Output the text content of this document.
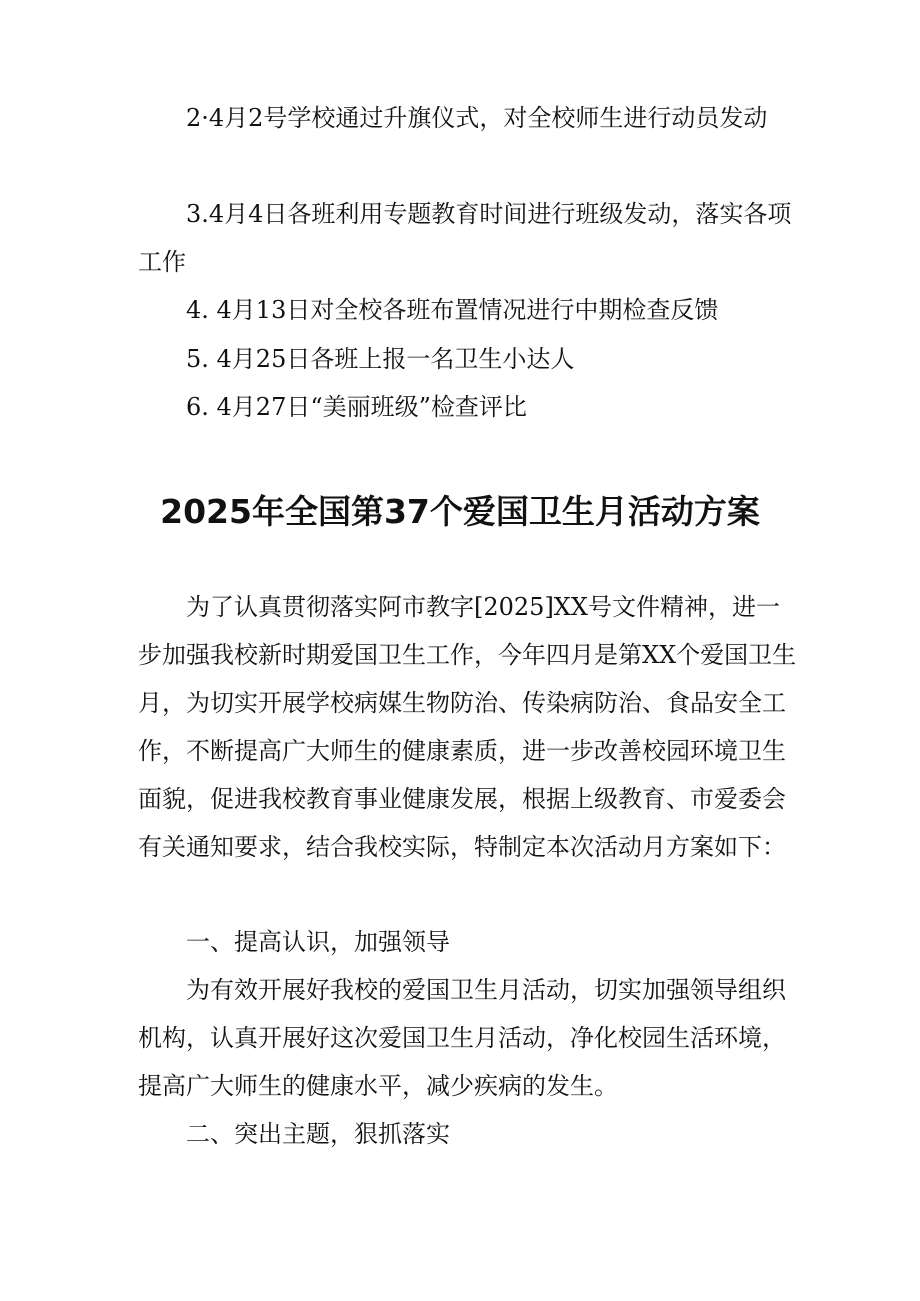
2·4月2号学校通过升旗仪式，对全校师生进行动员发动

3.4月4日各班利用专题教育时间进行班级发动，落实各项工作

4. 4月13日对全校各班布置情况进行中期检查反馈

5. 4月25日各班上报一名卫生小达人

6. 4月27日“美丽班级”检查评比

2025年全国第37个爱国卫生月活动方案

为了认真贯彻落实阿市教字[2025]XX号文件精神，进一步加强我校新时期爱国卫生工作，今年四月是第XX个爱国卫生月，为切实开展学校病媒生物防治、传染病防治、食品安全工作，不断提高广大师生的健康素质，进一步改善校园环境卫生面貌，促进我校教育事业健康发展，根据上级教育、市爱委会有关通知要求，结合我校实际，特制定本次活动月方案如下：

一、提高认识，加强领导

为有效开展好我校的爱国卫生月活动，切实加强领导组织机构，认真开展好这次爱国卫生月活动，净化校园生活环境，提高广大师生的健康水平，减少疾病的发生。

二、突出主题，狠抓落实
